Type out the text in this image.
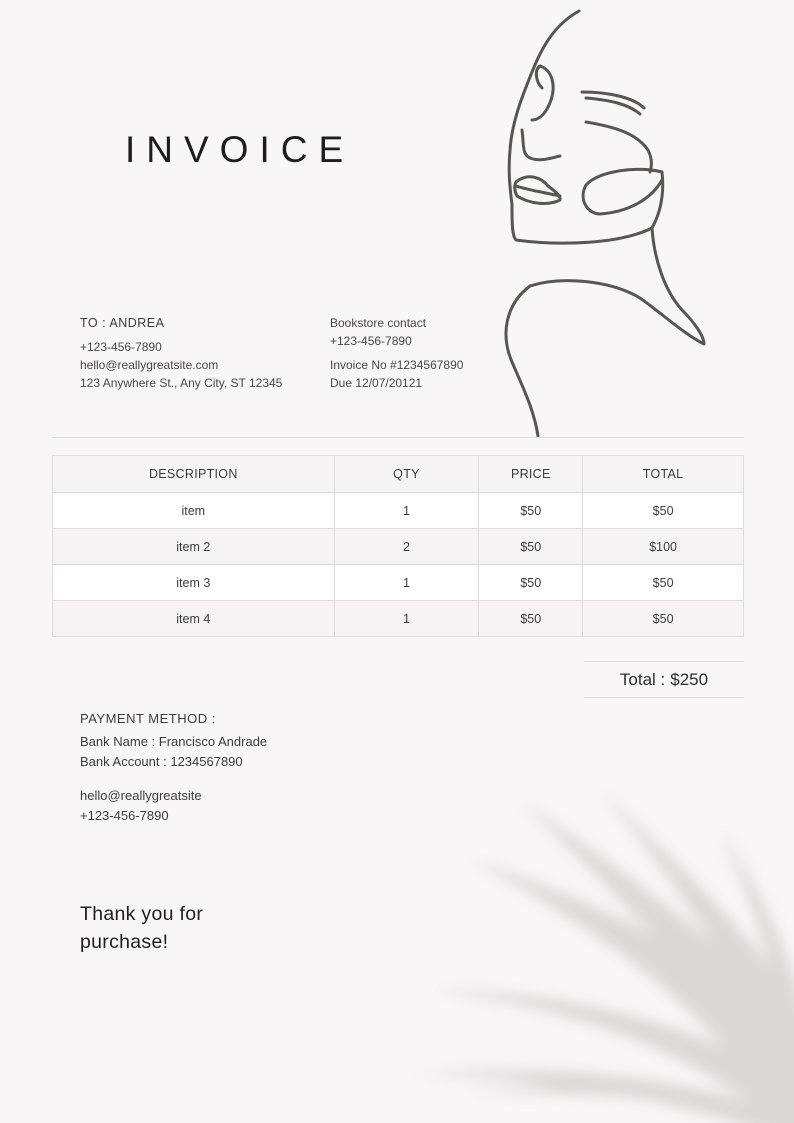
INVOICE
TO : ANDREA
+123-456-7890
hello@reallygreatsite.com
123 Anywhere St., Any City, ST 12345
Bookstore contact
+123-456-7890
Invoice No #1234567890
Due 12/07/20121
DESCRIPTION	QTY	PRICE	TOTAL
item	1	$50	$50
item 2	2	$50	$100
item 3	1	$50	$50
item 4	1	$50	$50
Total : $250
PAYMENT METHOD :
Bank Name : Francisco Andrade
Bank Account : 1234567890
hello@reallygreatsite
+123-456-7890
Thank you for
purchase!
